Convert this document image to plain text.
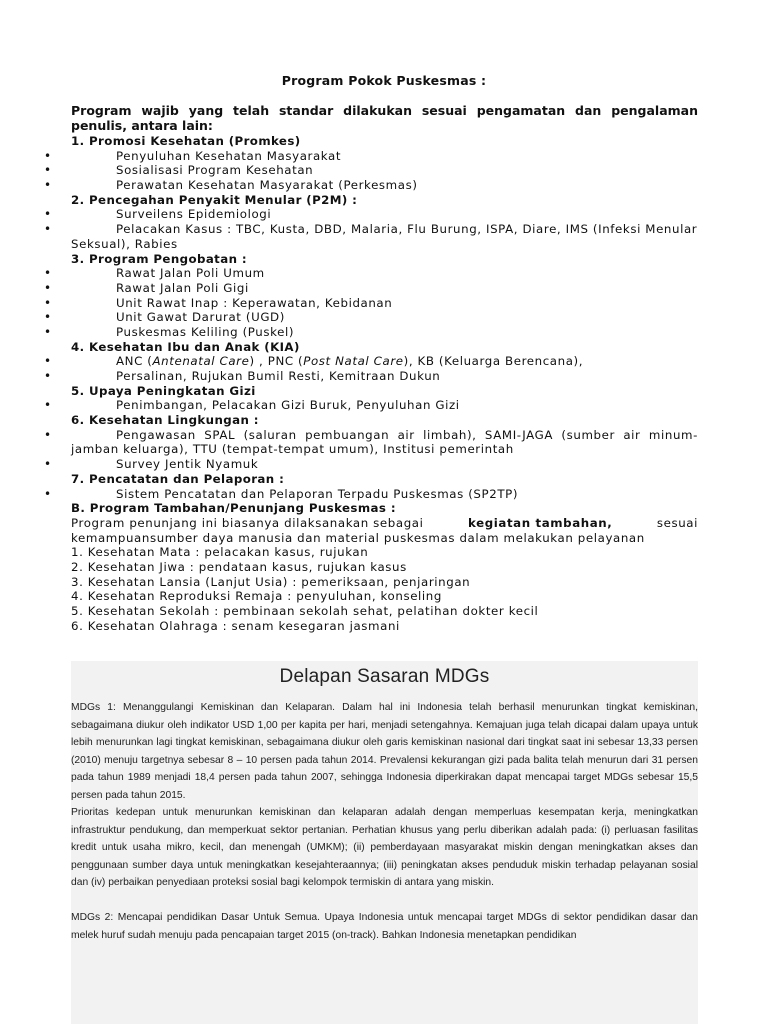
Program Pokok Puskesmas :
Program wajib yang telah standar dilakukan sesuai pengamatan dan pengalaman
penulis, antara lain:
1. Promosi Kesehatan (Promkes)
•	Penyuluhan Kesehatan Masyarakat
•	Sosialisasi Program Kesehatan
•	Perawatan Kesehatan Masyarakat (Perkesmas)
2. Pencegahan Penyakit Menular (P2M) :
•	Surveilens Epidemiologi
•	Pelacakan Kasus : TBC, Kusta, DBD, Malaria, Flu Burung, ISPA, Diare, IMS (Infeksi Menular
Seksual), Rabies
3. Program Pengobatan :
•	Rawat Jalan Poli Umum
•	Rawat Jalan Poli Gigi
•	Unit Rawat Inap : Keperawatan, Kebidanan
•	Unit Gawat Darurat (UGD)
•	Puskesmas Keliling (Puskel)
4. Kesehatan Ibu dan Anak (KIA)
•	ANC (Antenatal Care) , PNC (Post Natal Care), KB (Keluarga Berencana),
•	Persalinan, Rujukan Bumil Resti, Kemitraan Dukun
5. Upaya Peningkatan Gizi
•	Penimbangan, Pelacakan Gizi Buruk, Penyuluhan Gizi
6. Kesehatan Lingkungan :
•	Pengawasan SPAL (saluran pembuangan air limbah), SAMI-JAGA (sumber air minum-
jamban keluarga), TTU (tempat-tempat umum), Institusi pemerintah
•	Survey Jentik Nyamuk
7. Pencatatan dan Pelaporan :
•	Sistem Pencatatan dan Pelaporan Terpadu Puskesmas (SP2TP)
B. Program Tambahan/Penunjang Puskesmas :
Program penunjang ini biasanya dilaksanakan sebagai	kegiatan tambahan,	sesuai
kemampuansumber daya manusia dan material puskesmas dalam melakukan pelayanan
1. Kesehatan Mata : pelacakan kasus, rujukan
2. Kesehatan Jiwa : pendataan kasus, rujukan kasus
3. Kesehatan Lansia (Lanjut Usia) : pemeriksaan, penjaringan
4. Kesehatan Reproduksi Remaja : penyuluhan, konseling
5. Kesehatan Sekolah : pembinaan sekolah sehat, pelatihan dokter kecil
6. Kesehatan Olahraga : senam kesegaran jasmani
Delapan Sasaran MDGs
MDGs 1: Menanggulangi Kemiskinan dan Kelaparan. Dalam hal ini Indonesia telah berhasil menurunkan tingkat kemiskinan, sebagaimana diukur oleh indikator USD 1,00 per kapita per hari, menjadi setengahnya. Kemajuan juga telah dicapai dalam upaya untuk lebih menurunkan lagi tingkat kemiskinan, sebagaimana diukur oleh garis kemiskinan nasional dari tingkat saat ini sebesar 13,33 persen (2010) menuju targetnya sebesar 8 – 10 persen pada tahun 2014. Prevalensi kekurangan gizi pada balita telah menurun dari 31 persen pada tahun 1989 menjadi 18,4 persen pada tahun 2007, sehingga Indonesia diperkirakan dapat mencapai target MDGs sebesar 15,5 persen pada tahun 2015.
Prioritas kedepan untuk menurunkan kemiskinan dan kelaparan adalah dengan memperluas kesempatan kerja, meningkatkan infrastruktur pendukung, dan memperkuat sektor pertanian. Perhatian khusus yang perlu diberikan adalah pada: (i) perluasan fasilitas kredit untuk usaha mikro, kecil, dan menengah (UMKM); (ii) pemberdayaan masyarakat miskin dengan meningkatkan akses dan penggunaan sumber daya untuk meningkatkan kesejahteraannya; (iii) peningkatan akses penduduk miskin terhadap pelayanan sosial dan (iv) perbaikan penyediaan proteksi sosial bagi kelompok termiskin di antara yang miskin.
MDGs 2: Mencapai pendidikan Dasar Untuk Semua. Upaya Indonesia untuk mencapai target MDGs di sektor pendidikan dasar dan melek huruf sudah menuju pada pencapaian target 2015 (on-track). Bahkan Indonesia menetapkan pendidikan
